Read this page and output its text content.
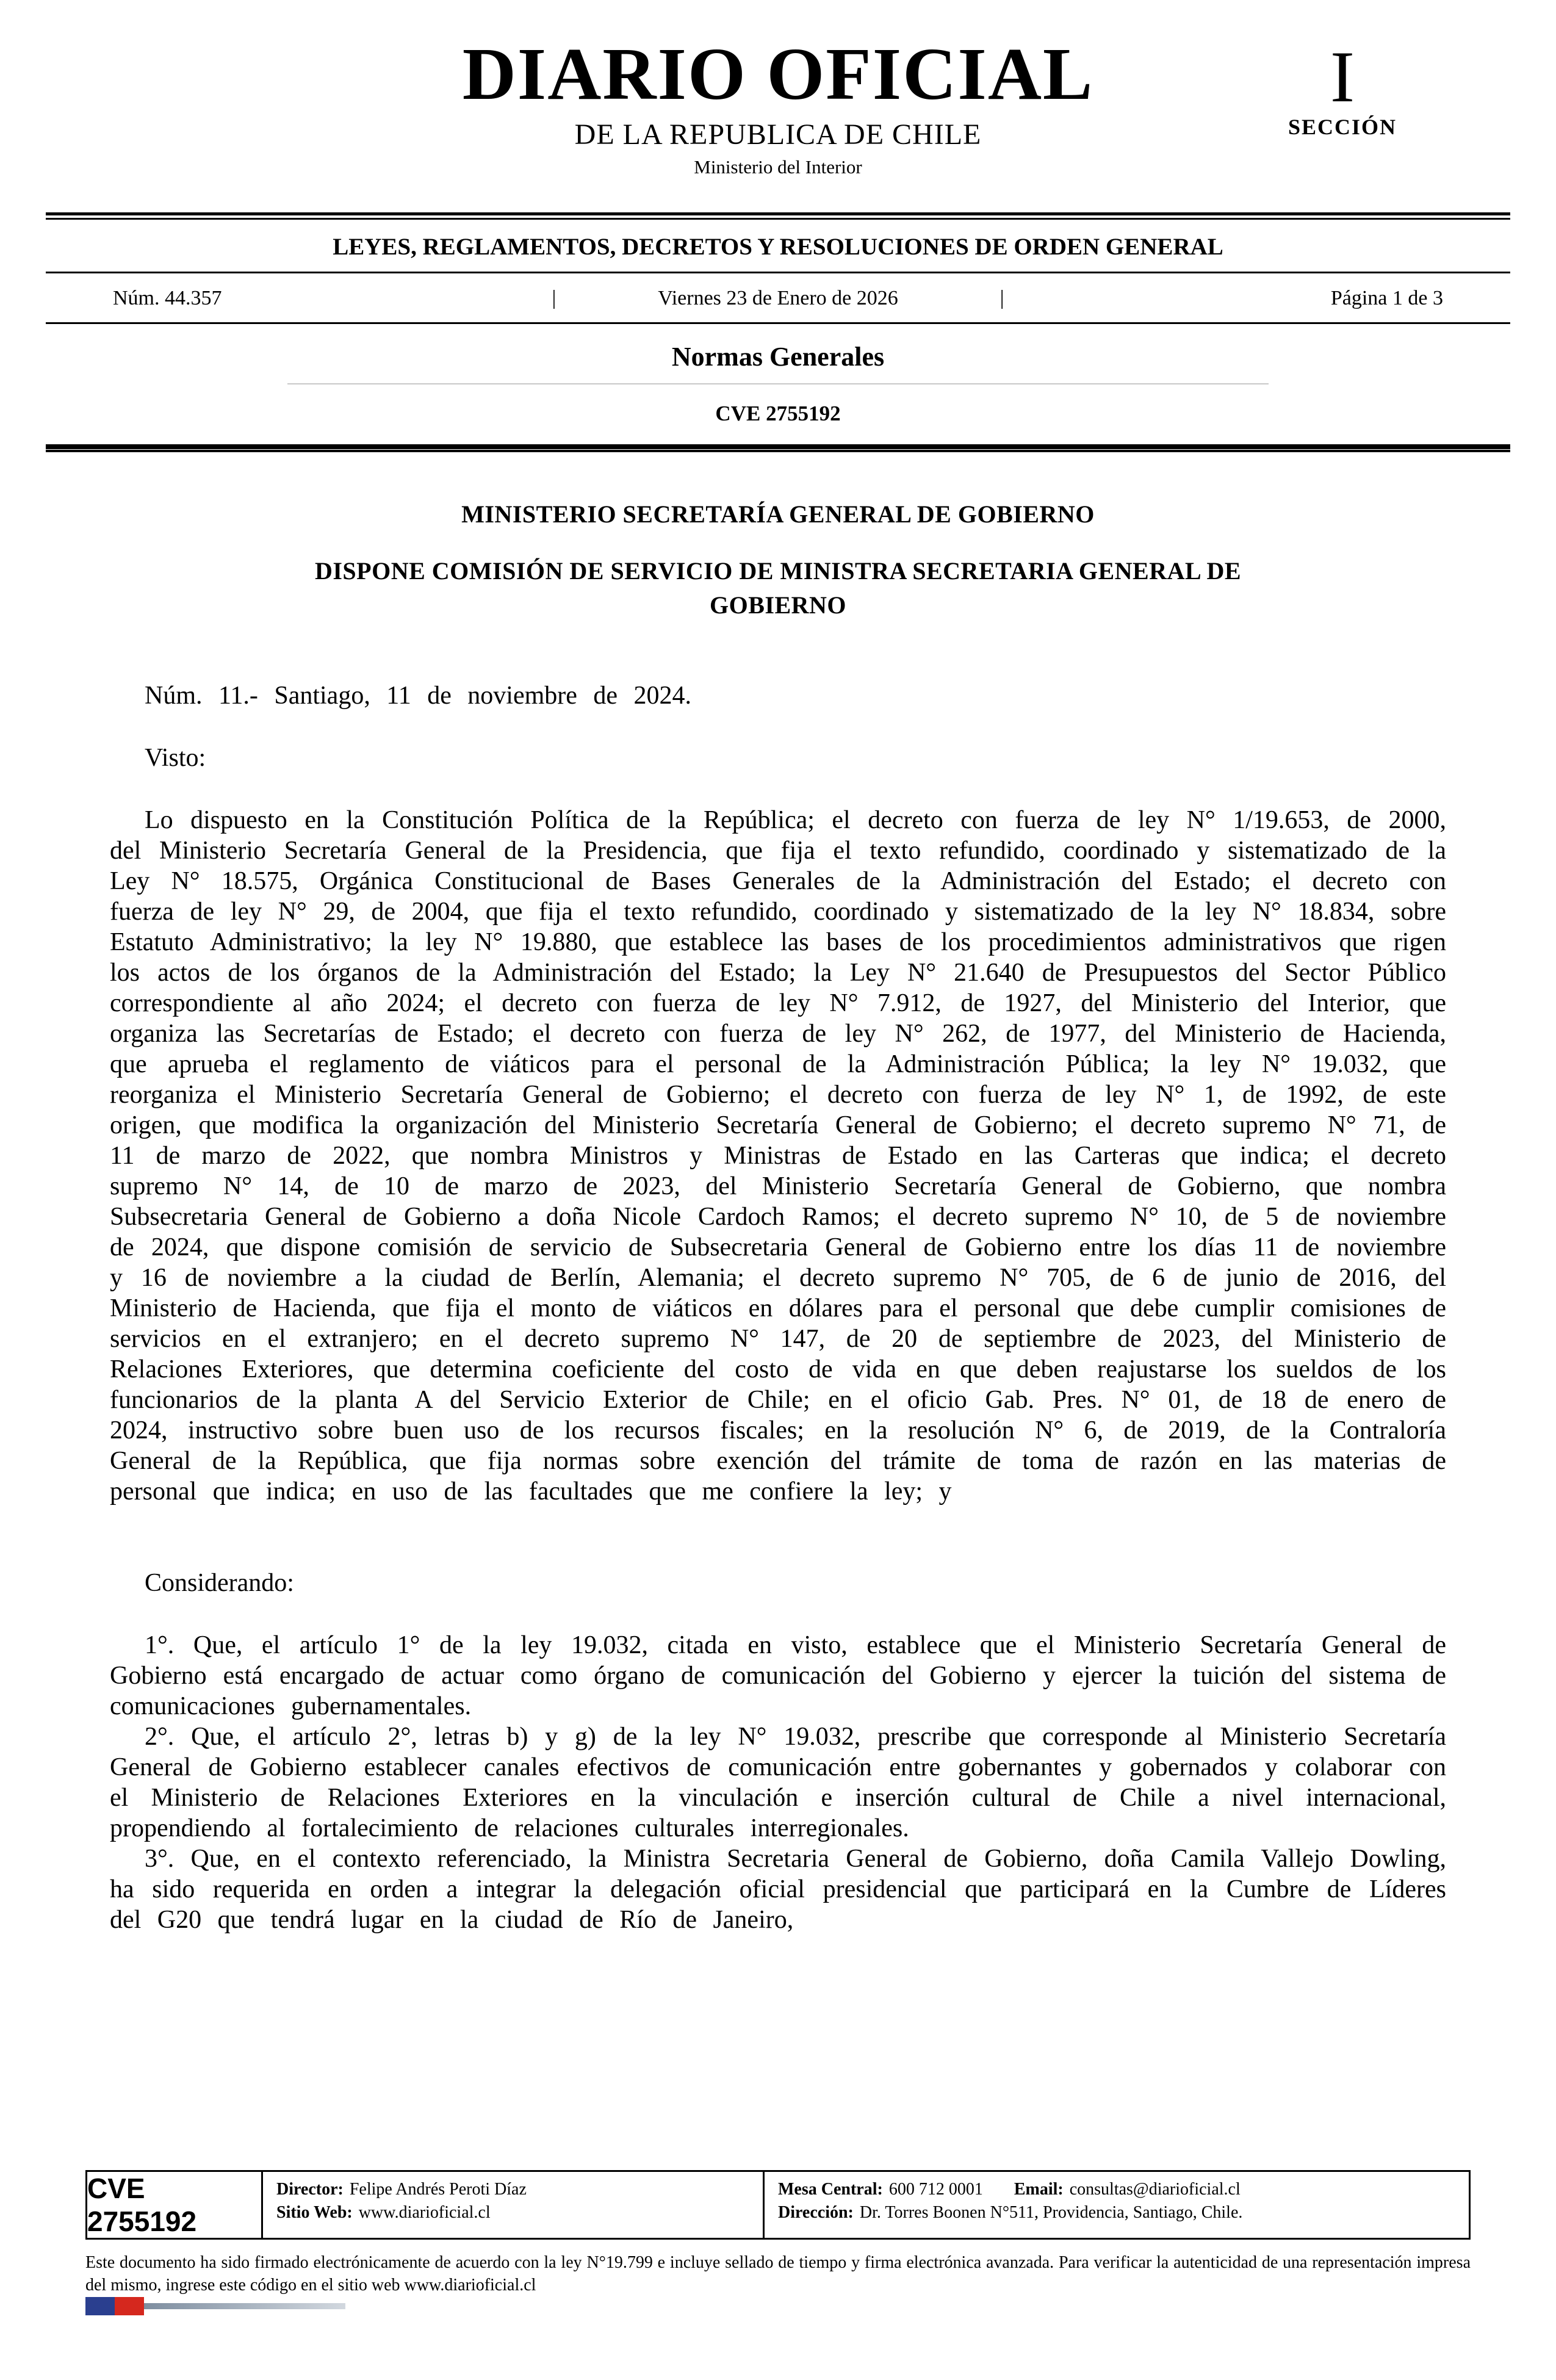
DIARIO OFICIAL
DE LA REPUBLICA DE CHILE
Ministerio del Interior
I
SECCIÓN
LEYES, REGLAMENTOS, DECRETOS Y RESOLUCIONES DE ORDEN GENERAL
Núm. 44.357	|	Viernes 23 de Enero de 2026	|	Página 1 de 3
Normas Generales
CVE 2755192
MINISTERIO SECRETARÍA GENERAL DE GOBIERNO
DISPONE COMISIÓN DE SERVICIO DE MINISTRA SECRETARIA GENERAL DE GOBIERNO

Núm. 11.- Santiago, 11 de noviembre de 2024.

Visto:

Lo dispuesto en la Constitución Política de la República; el decreto con fuerza de ley N° 1/19.653, de 2000, del Ministerio Secretaría General de la Presidencia, que fija el texto refundido, coordinado y sistematizado de la Ley N° 18.575, Orgánica Constitucional de Bases Generales de la Administración del Estado; el decreto con fuerza de ley N° 29, de 2004, que fija el texto refundido, coordinado y sistematizado de la ley N° 18.834, sobre Estatuto Administrativo; la ley N° 19.880, que establece las bases de los procedimientos administrativos que rigen los actos de los órganos de la Administración del Estado; la Ley N° 21.640 de Presupuestos del Sector Público correspondiente al año 2024; el decreto con fuerza de ley N° 7.912, de 1927, del Ministerio del Interior, que organiza las Secretarías de Estado; el decreto con fuerza de ley N° 262, de 1977, del Ministerio de Hacienda, que aprueba el reglamento de viáticos para el personal de la Administración Pública; la ley N° 19.032, que reorganiza el Ministerio Secretaría General de Gobierno; el decreto con fuerza de ley N° 1, de 1992, de este origen, que modifica la organización del Ministerio Secretaría General de Gobierno; el decreto supremo N° 71, de 11 de marzo de 2022, que nombra Ministros y Ministras de Estado en las Carteras que indica; el decreto supremo N° 14, de 10 de marzo de 2023, del Ministerio Secretaría General de Gobierno, que nombra Subsecretaria General de Gobierno a doña Nicole Cardoch Ramos; el decreto supremo N° 10, de 5 de noviembre de 2024, que dispone comisión de servicio de Subsecretaria General de Gobierno entre los días 11 de noviembre y 16 de noviembre a la ciudad de Berlín, Alemania; el decreto supremo N° 705, de 6 de junio de 2016, del Ministerio de Hacienda, que fija el monto de viáticos en dólares para el personal que debe cumplir comisiones de servicios en el extranjero; en el decreto supremo N° 147, de 20 de septiembre de 2023, del Ministerio de Relaciones Exteriores, que determina coeficiente del costo de vida en que deben reajustarse los sueldos de los funcionarios de la planta A del Servicio Exterior de Chile; en el oficio Gab. Pres. N° 01, de 18 de enero de 2024, instructivo sobre buen uso de los recursos fiscales; en la resolución N° 6, de 2019, de la Contraloría General de la República, que fija normas sobre exención del trámite de toma de razón en las materias de personal que indica; en uso de las facultades que me confiere la ley; y

Considerando:

1°. Que, el artículo 1° de la ley 19.032, citada en visto, establece que el Ministerio Secretaría General de Gobierno está encargado de actuar como órgano de comunicación del Gobierno y ejercer la tuición del sistema de comunicaciones gubernamentales.

2°. Que, el artículo 2°, letras b) y g) de la ley N° 19.032, prescribe que corresponde al Ministerio Secretaría General de Gobierno establecer canales efectivos de comunicación entre gobernantes y gobernados y colaborar con el Ministerio de Relaciones Exteriores en la vinculación e inserción cultural de Chile a nivel internacional, propendiendo al fortalecimiento de relaciones culturales interregionales.

3°. Que, en el contexto referenciado, la Ministra Secretaria General de Gobierno, doña Camila Vallejo Dowling, ha sido requerida en orden a integrar la delegación oficial presidencial que participará en la Cumbre de Líderes del G20 que tendrá lugar en la ciudad de Río de Janeiro,

CVE 2755192
Director: Felipe Andrés Peroti Díaz
Sitio Web: www.diarioficial.cl
Mesa Central: 600 712 0001 Email: consultas@diarioficial.cl
Dirección: Dr. Torres Boonen N°511, Providencia, Santiago, Chile.

Este documento ha sido firmado electrónicamente de acuerdo con la ley N°19.799 e incluye sellado de tiempo y firma electrónica avanzada. Para verificar la autenticidad de una representación impresa del mismo, ingrese este código en el sitio web www.diarioficial.cl
